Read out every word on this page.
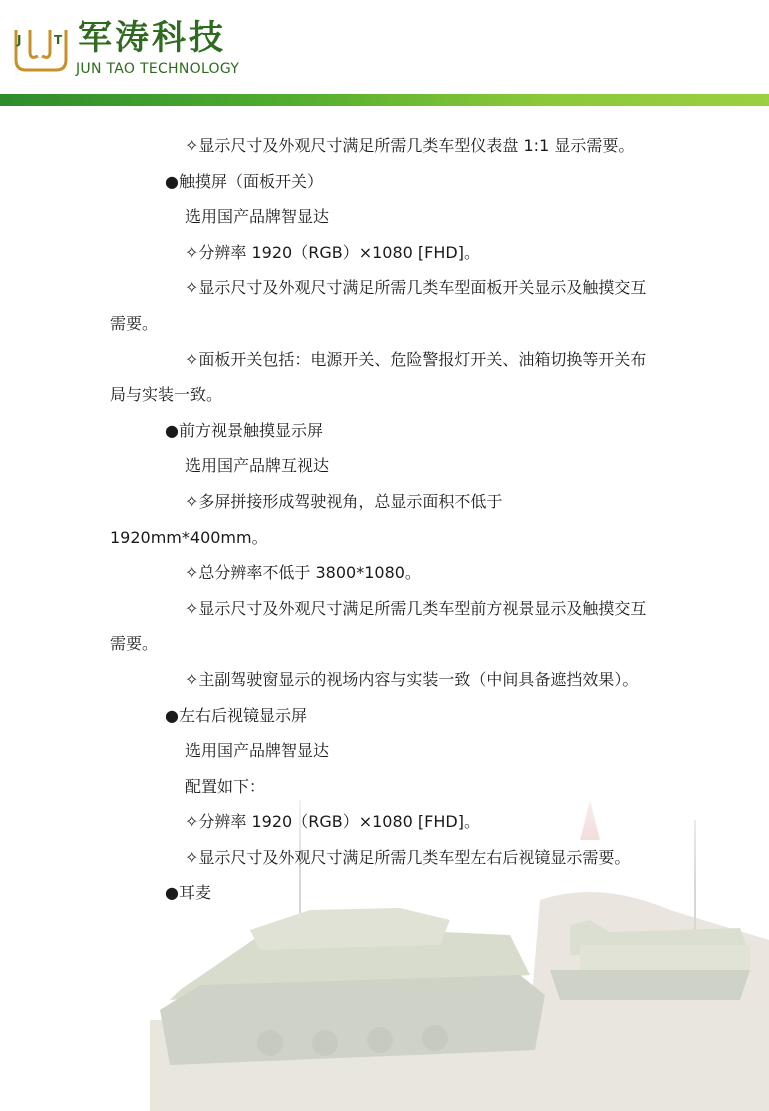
J	T 军涛科技
JUN TAO TECHNOLOGY

✧显示尺寸及外观尺寸满足所需几类车型仪表盘 1:1 显示需要。

●触摸屏（面板开关）

选用国产品牌智显达

✧分辨率 1920（RGB）×1080 [FHD]。

✧显示尺寸及外观尺寸满足所需几类车型面板开关显示及触摸交互需要。

✧面板开关包括：电源开关、危险警报灯开关、油箱切换等开关布局与实装一致。

●前方视景触摸显示屏

选用国产品牌互视达

✧多屏拼接形成驾驶视角，总显示面积不低于 1920mm*400mm。

✧总分辨率不低于 3800*1080。

✧显示尺寸及外观尺寸满足所需几类车型前方视景显示及触摸交互需要。

✧主副驾驶窗显示的视场内容与实装一致（中间具备遮挡效果）。

●左右后视镜显示屏

选用国产品牌智显达

配置如下：

✧分辨率 1920（RGB）×1080 [FHD]。

✧显示尺寸及外观尺寸满足所需几类车型左右后视镜显示需要。

●耳麦
